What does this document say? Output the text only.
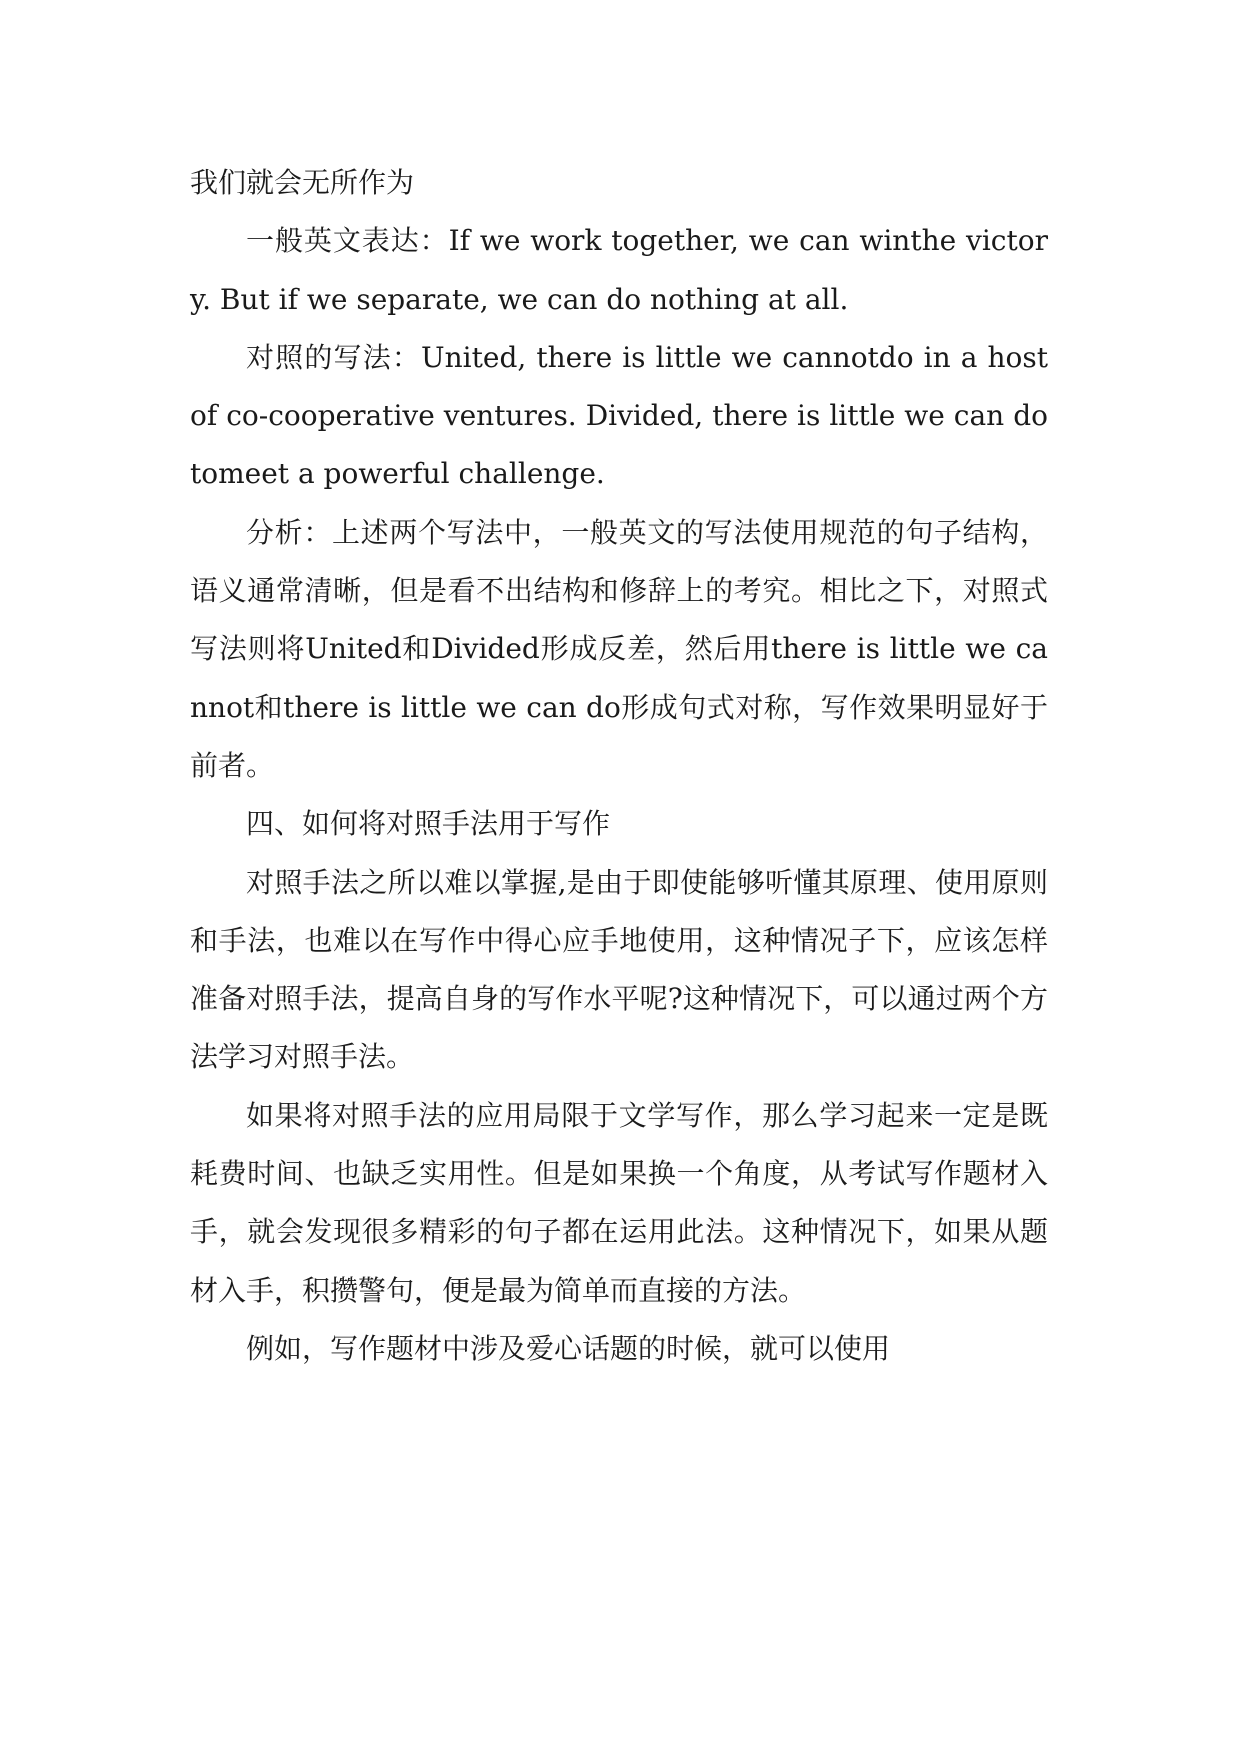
我们就会无所作为

一般英文表达：If we work together, we can winthe victory. But if we separate, we can do nothing at all.

对照的写法：United, there is little we cannotdo in a host of co-cooperative ventures. Divided, there is little we can do tomeet a powerful challenge.

分析：上述两个写法中，一般英文的写法使用规范的句子结构，语义通常清晰，但是看不出结构和修辞上的考究。相比之下，对照式写法则将United和Divided形成反差，然后用there is little we cannot和there is little we can do形成句式对称，写作效果明显好于前者。

四、如何将对照手法用于写作

对照手法之所以难以掌握,是由于即使能够听懂其原理、使用原则和手法，也难以在写作中得心应手地使用，这种情况子下，应该怎样准备对照手法，提高自身的写作水平呢?这种情况下，可以通过两个方法学习对照手法。

如果将对照手法的应用局限于文学写作，那么学习起来一定是既耗费时间、也缺乏实用性。但是如果换一个角度，从考试写作题材入手，就会发现很多精彩的句子都在运用此法。这种情况下，如果从题材入手，积攒警句，便是最为简单而直接的方法。

例如，写作题材中涉及爱心话题的时候，就可以使用
